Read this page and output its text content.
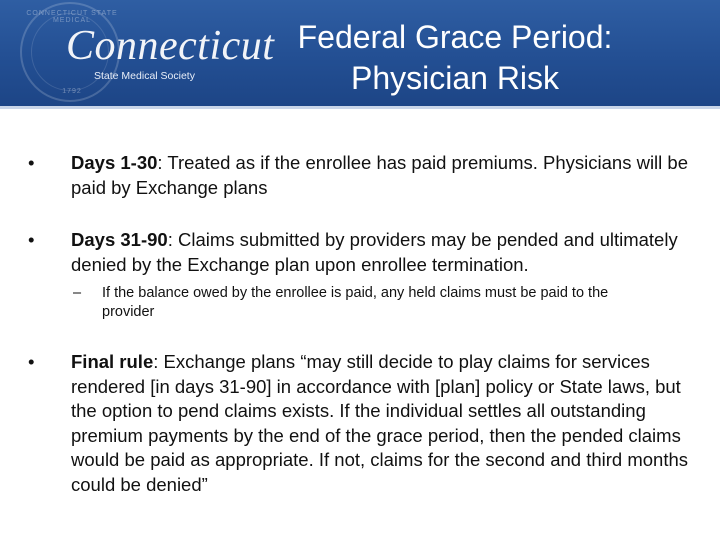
CONNECTICUT STATE MEDICAL
1792
Connecticut
State Medical Society
Federal Grace Period:
Physician Risk
• Days 1-30: Treated as if the enrollee has paid premiums. Physicians will be paid by Exchange plans
• Days 31-90: Claims submitted by providers may be pended and ultimately denied by the Exchange plan upon enrollee termination.
– If the balance owed by the enrollee is paid, any held claims must be paid to the provider
• Final rule: Exchange plans “may still decide to play claims for services rendered [in days 31-90] in accordance with [plan] policy or State laws, but the option to pend claims exists. If the individual settles all outstanding premium payments by the end of the grace period, then the pended claims would be paid as appropriate. If not, claims for the second and third months could be denied”
